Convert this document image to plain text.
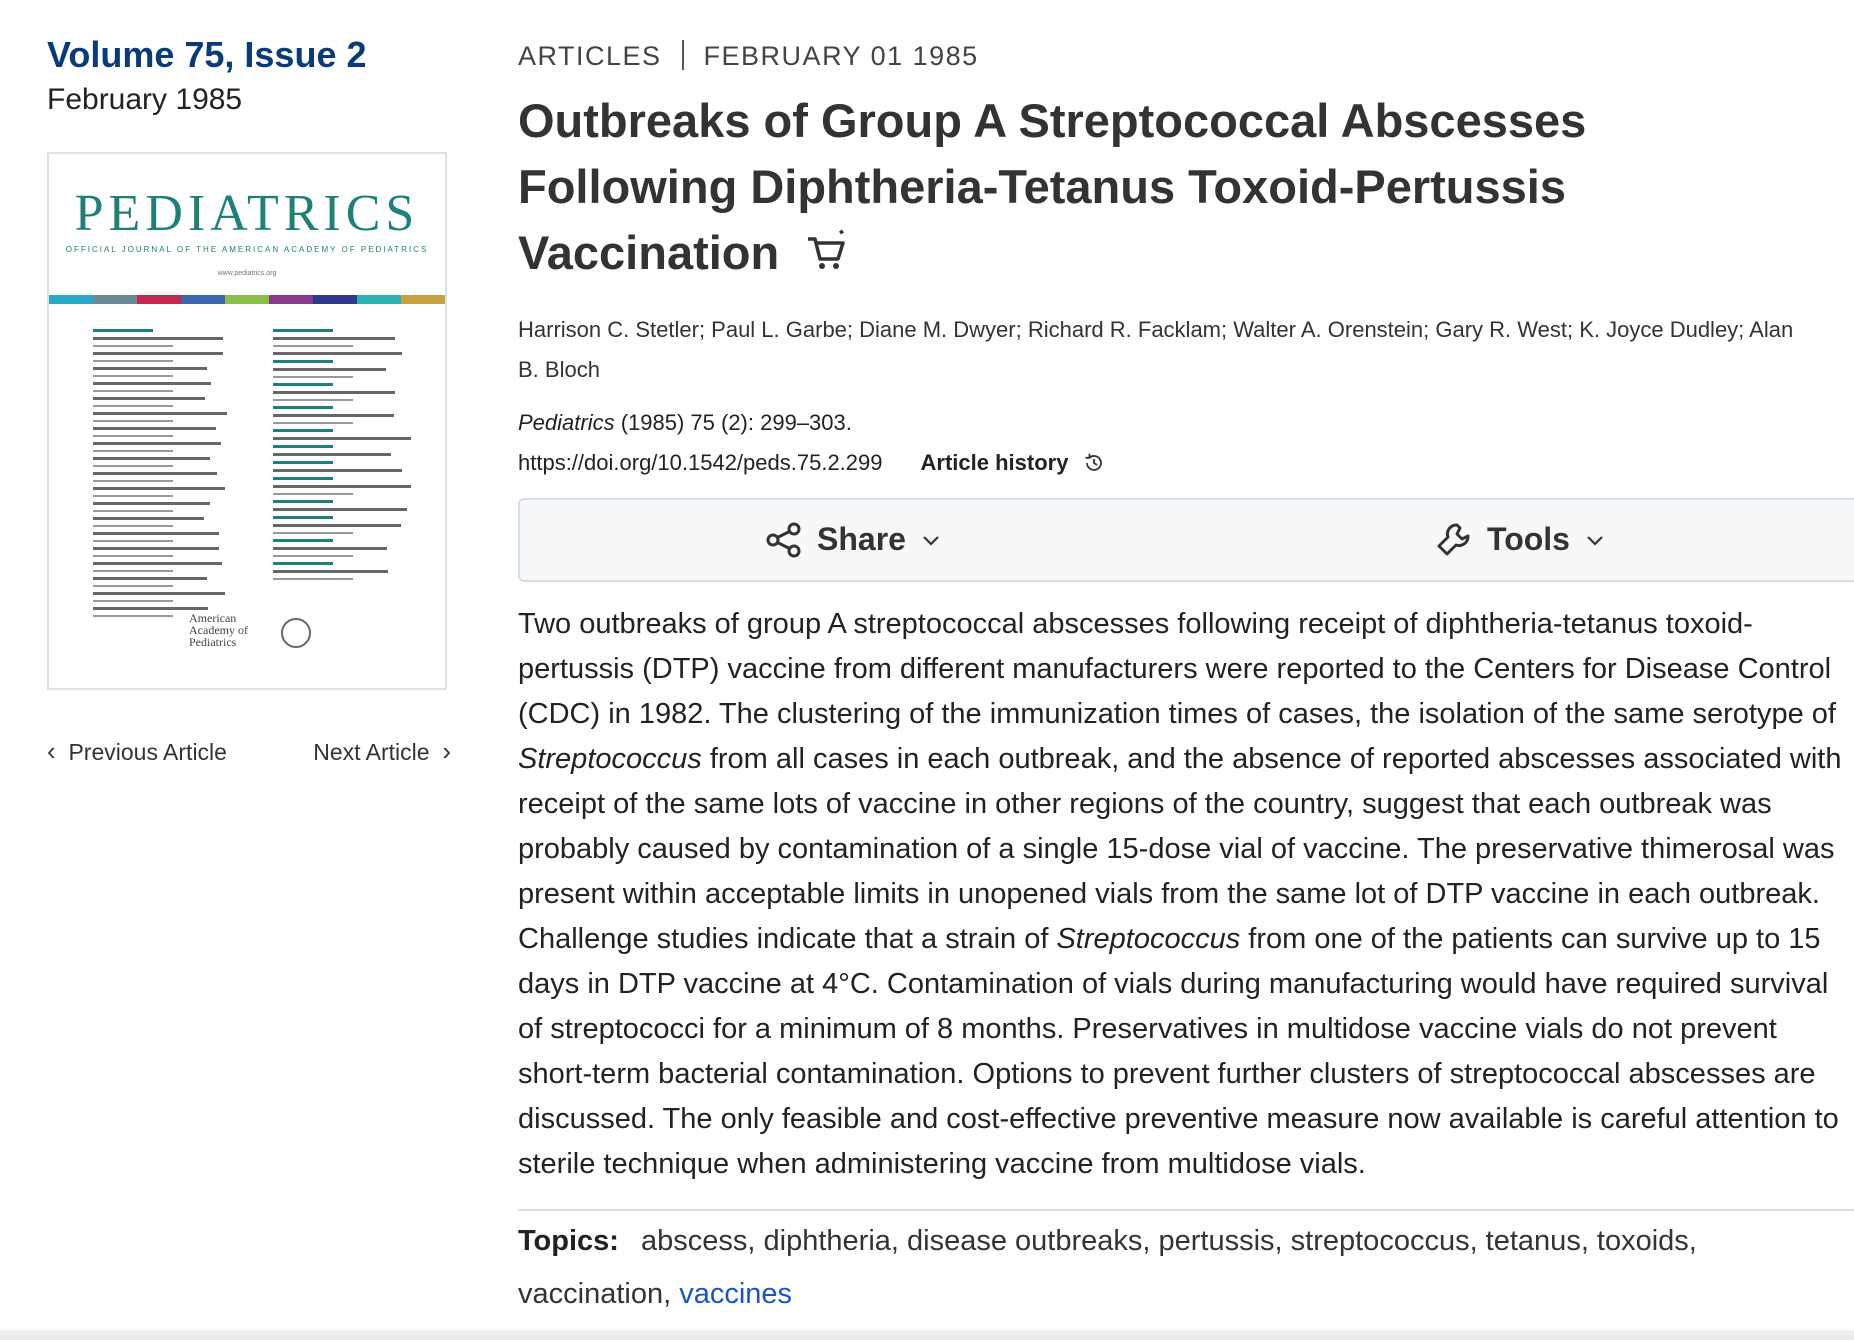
Volume 75, Issue 2
February 1985
PEDIATRICS
OFFICIAL JOURNAL OF THE AMERICAN ACADEMY OF PEDIATRICS
www.pediatrics.org
American Academy of Pediatrics
‹ Previous Article	Next Article ›
ARTICLES FEBRUARY 01 1985
Outbreaks of Group A Streptococcal Abscesses Following Diphtheria-Tetanus Toxoid-Pertussis Vaccination
Harrison C. Stetler; Paul L. Garbe; Diane M. Dwyer; Richard R. Facklam; Walter A. Orenstein; Gary R. West; K. Joyce Dudley; Alan B. Bloch
Pediatrics (1985) 75 (2): 299–303.
https://doi.org/10.1542/peds.75.2.299 Article history
Share	Tools
Two outbreaks of group A streptococcal abscesses following receipt of diphtheria-tetanus toxoid-pertussis (DTP) vaccine from different manufacturers were reported to the Centers for Disease Control (CDC) in 1982. The clustering of the immunization times of cases, the isolation of the same serotype of Streptococcus from all cases in each outbreak, and the absence of reported abscesses associated with receipt of the same lots of vaccine in other regions of the country, suggest that each outbreak was probably caused by contamination of a single 15-dose vial of vaccine. The preservative thimerosal was present within acceptable limits in unopened vials from the same lot of DTP vaccine in each outbreak. Challenge studies indicate that a strain of Streptococcus from one of the patients can survive up to 15 days in DTP vaccine at 4°C. Contamination of vials during manufacturing would have required survival of streptococci for a minimum of 8 months. Preservatives in multidose vaccine vials do not prevent short-term bacterial contamination. Options to prevent further clusters of streptococcal abscesses are discussed. The only feasible and cost-effective preventive measure now available is careful attention to sterile technique when administering vaccine from multidose vials.
Topics: abscess, diphtheria, disease outbreaks, pertussis, streptococcus, tetanus, toxoids, vaccination, vaccines
